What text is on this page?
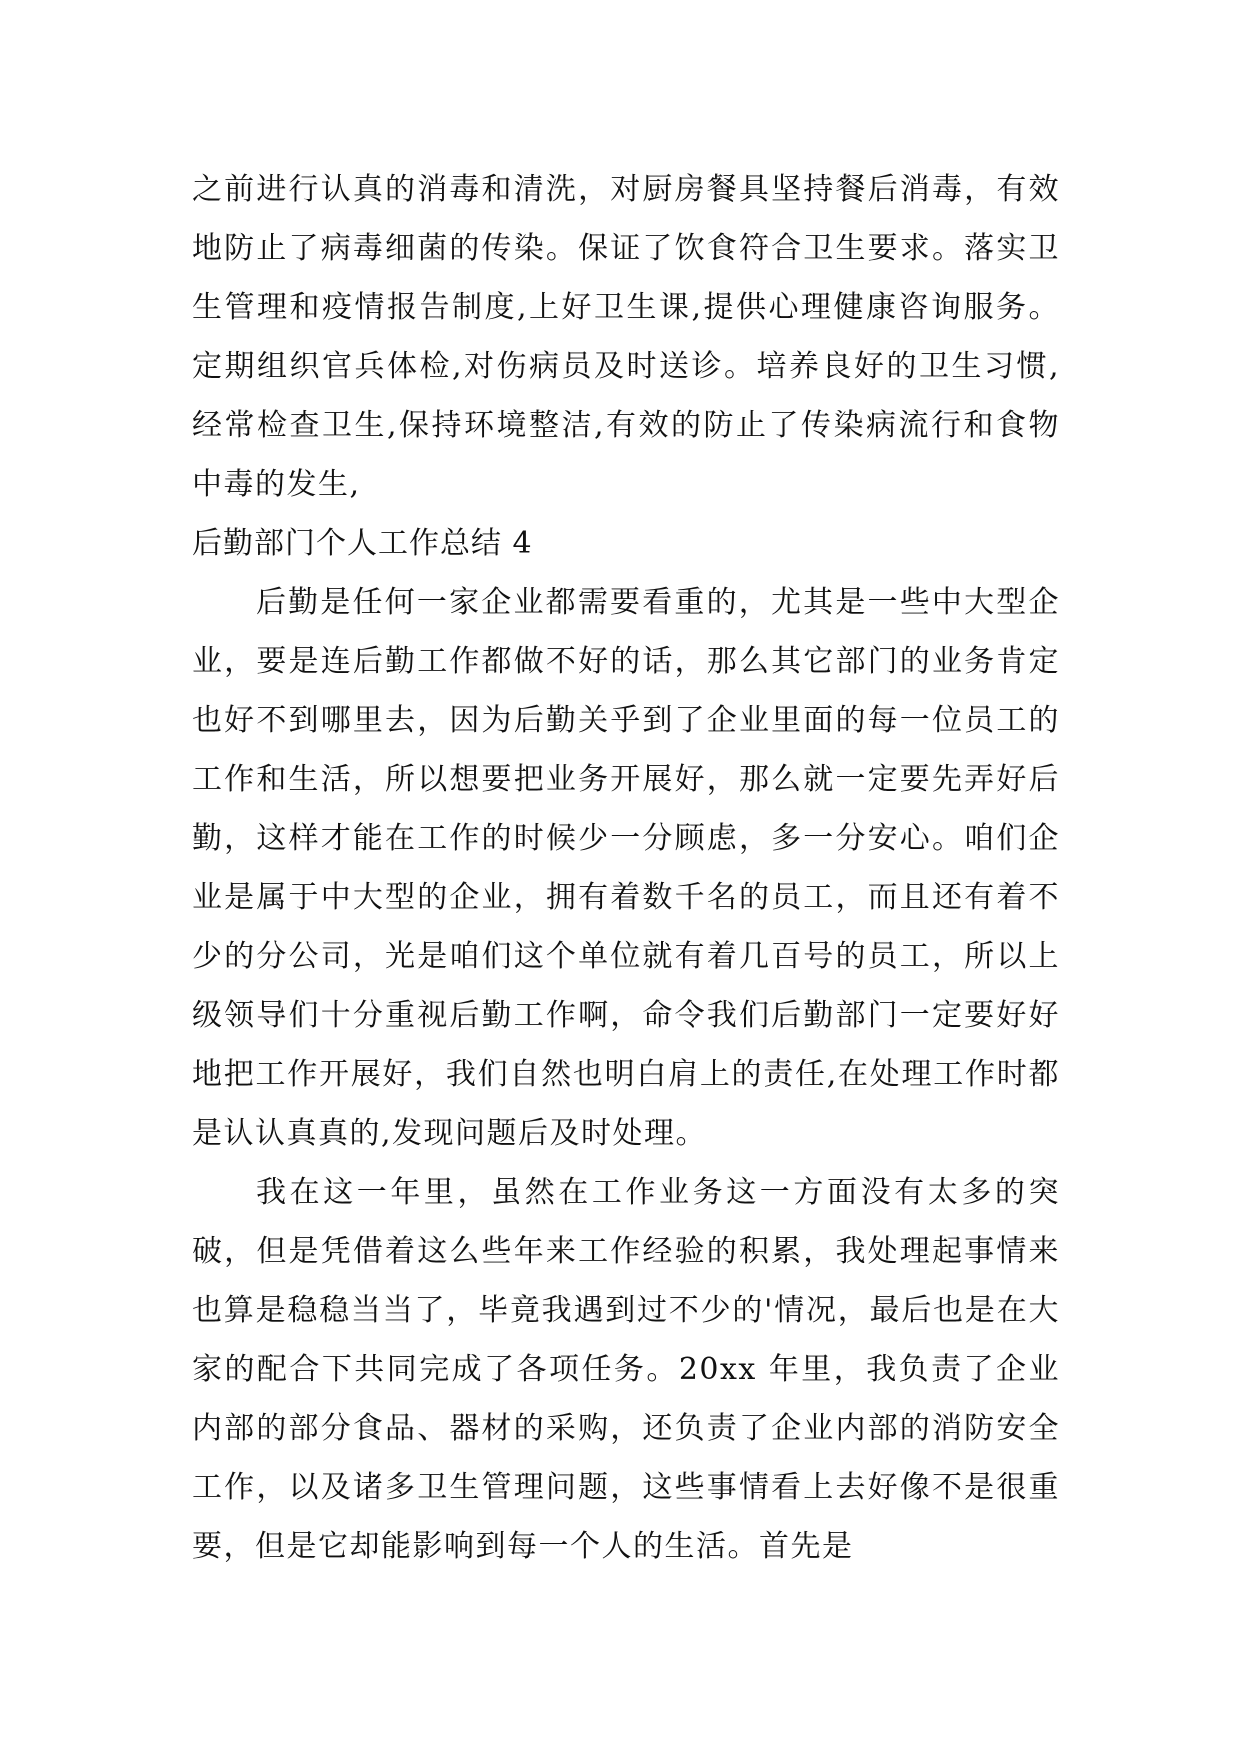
之前进行认真的消毒和清洗，对厨房餐具坚持餐后消毒，有效地防止了病毒细菌的传染。保证了饮食符合卫生要求。落实卫生管理和疫情报告制度,上好卫生课,提供心理健康咨询服务。定期组织官兵体检,对伤病员及时送诊。培养良好的卫生习惯,经常检查卫生,保持环境整洁,有效的防止了传染病流行和食物中毒的发生,

后勤部门个人工作总结 4

后勤是任何一家企业都需要看重的，尤其是一些中大型企业，要是连后勤工作都做不好的话，那么其它部门的业务肯定也好不到哪里去，因为后勤关乎到了企业里面的每一位员工的工作和生活，所以想要把业务开展好，那么就一定要先弄好后勤，这样才能在工作的时候少一分顾虑，多一分安心。咱们企业是属于中大型的企业，拥有着数千名的员工，而且还有着不少的分公司，光是咱们这个单位就有着几百号的员工，所以上级领导们十分重视后勤工作啊，命令我们后勤部门一定要好好地把工作开展好，我们自然也明白肩上的责任,在处理工作时都是认认真真的,发现问题后及时处理。

我在这一年里，虽然在工作业务这一方面没有太多的突破，但是凭借着这么些年来工作经验的积累，我处理起事情来也算是稳稳当当了，毕竟我遇到过不少的'情况，最后也是在大家的配合下共同完成了各项任务。20xx 年里，我负责了企业内部的部分食品、器材的采购，还负责了企业内部的消防安全工作，以及诸多卫生管理问题，这些事情看上去好像不是很重要，但是它却能影响到每一个人的生活。首先是
